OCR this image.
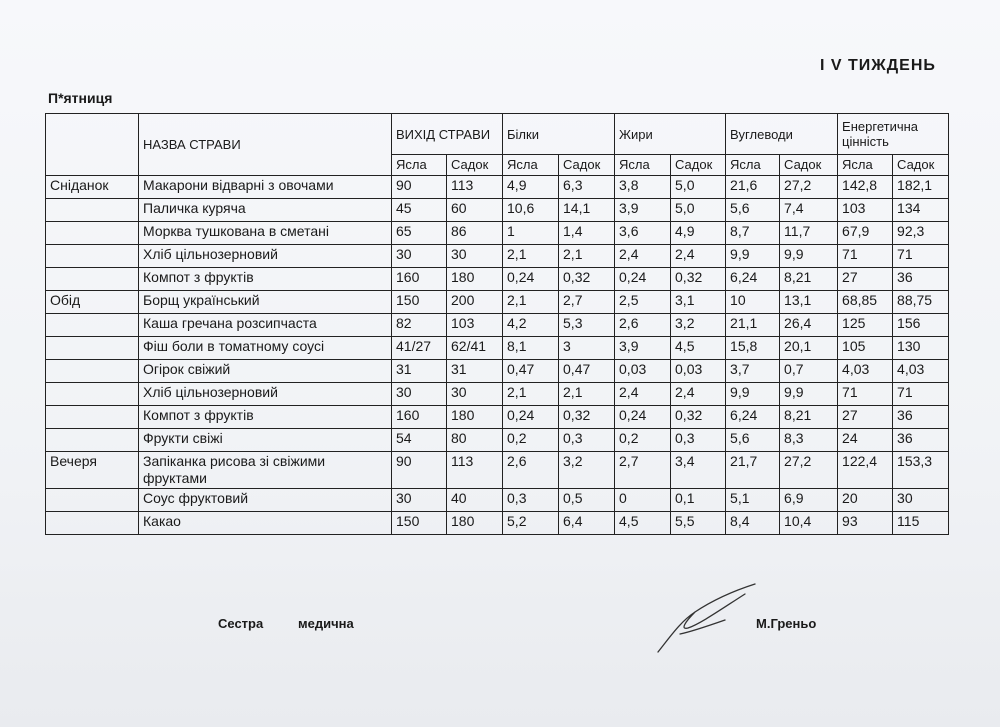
I V ТИЖДЕНЬ
П*ятниця
	НАЗВА СТРАВИ	ВИХІД СТРАВИ		Білки		Жири		Вуглеводи		Енергетична цінність	
		Ясла	Садок	Ясла	Садок	Ясла	Садок	Ясла	Садок	Ясла	Садок
Сніданок	Макарони відварні з овочами	90	113	4,9	6,3	3,8	5,0	21,6	27,2	142,8	182,1
	Паличка куряча	45	60	10,6	14,1	3,9	5,0	5,6	7,4	103	134
	Морква тушкована в сметані	65	86	1	1,4	3,6	4,9	8,7	11,7	67,9	92,3
	Хліб цільнозерновий	30	30	2,1	2,1	2,4	2,4	9,9	9,9	71	71
	Компот з фруктів	160	180	0,24	0,32	0,24	0,32	6,24	8,21	27	36
Обід	Борщ український	150	200	2,1	2,7	2,5	3,1	10	13,1	68,85	88,75
	Каша гречана розсипчаста	82	103	4,2	5,3	2,6	3,2	21,1	26,4	125	156
	Фіш боли в томатному соусі	41/27	62/41	8,1	3	3,9	4,5	15,8	20,1	105	130
	Огірок свіжий	31	31	0,47	0,47	0,03	0,03	3,7	0,7	4,03	4,03
	Хліб цільнозерновий	30	30	2,1	2,1	2,4	2,4	9,9	9,9	71	71
	Компот з фруктів	160	180	0,24	0,32	0,24	0,32	6,24	8,21	27	36
	Фрукти свіжі	54	80	0,2	0,3	0,2	0,3	5,6	8,3	24	36
Вечеря	Запіканка рисова зі свіжими фруктами	90	113	2,6	3,2	2,7	3,4	21,7	27,2	122,4	153,3
	Соус фруктовий	30	40	0,3	0,5	0	0,1	5,1	6,9	20	30
	Какао	150	180	5,2	6,4	4,5	5,5	8,4	10,4	93	115
Сестра	медична	М.Греньо
